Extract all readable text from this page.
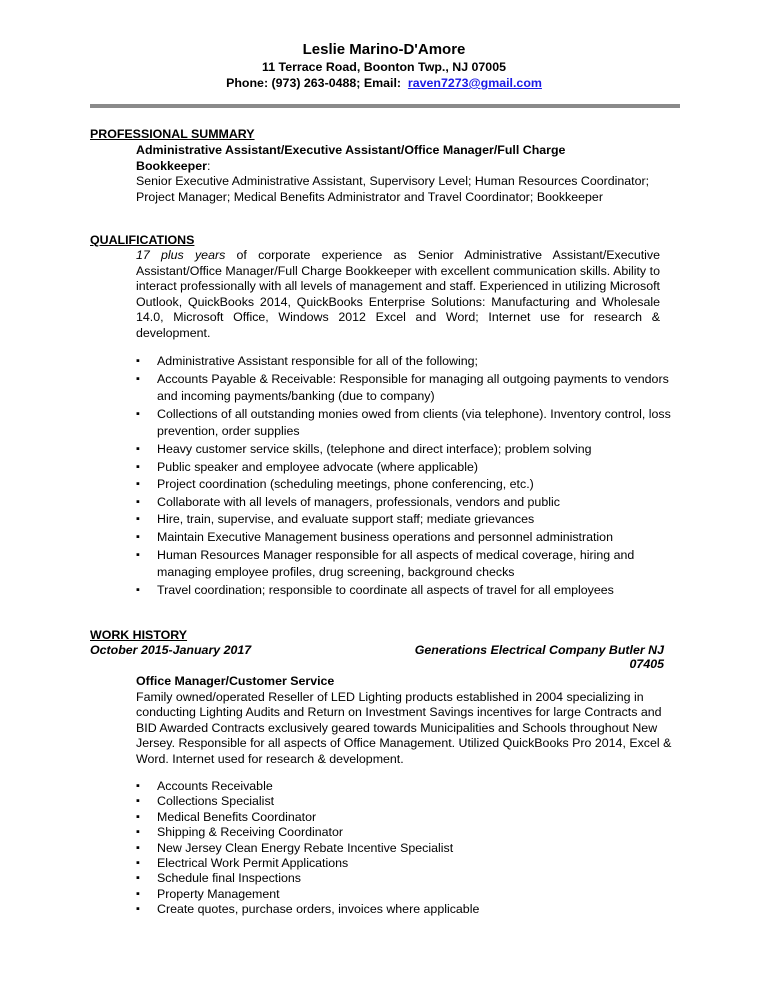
Leslie Marino-D'Amore
11 Terrace Road, Boonton Twp., NJ 07005
Phone: (973) 263-0488; Email: raven7273@gmail.com
PROFESSIONAL SUMMARY
Administrative Assistant/Executive Assistant/Office Manager/Full Charge
Bookkeeper:
Senior Executive Administrative Assistant, Supervisory Level; Human Resources Coordinator;
Project Manager; Medical Benefits Administrator and Travel Coordinator; Bookkeeper
QUALIFICATIONS
17 plus years of corporate experience as Senior Administrative Assistant/Executive Assistant/Office Manager/Full Charge Bookkeeper with excellent communication skills. Ability to interact professionally with all levels of management and staff. Experienced in utilizing Microsoft Outlook, QuickBooks 2014, QuickBooks Enterprise Solutions: Manufacturing and Wholesale 14.0, Microsoft Office, Windows 2012 Excel and Word; Internet use for research & development.
▪ Administrative Assistant responsible for all of the following;
▪ Accounts Payable & Receivable: Responsible for managing all outgoing payments to vendors and incoming payments/banking (due to company)
▪ Collections of all outstanding monies owed from clients (via telephone). Inventory control, loss prevention, order supplies
▪ Heavy customer service skills, (telephone and direct interface); problem solving
▪ Public speaker and employee advocate (where applicable)
▪ Project coordination (scheduling meetings, phone conferencing, etc.)
▪ Collaborate with all levels of managers, professionals, vendors and public
▪ Hire, train, supervise, and evaluate support staff; mediate grievances
▪ Maintain Executive Management business operations and personnel administration
▪ Human Resources Manager responsible for all aspects of medical coverage, hiring and managing employee profiles, drug screening, background checks
▪ Travel coordination; responsible to coordinate all aspects of travel for all employees
WORK HISTORY
October 2015-January 2017	Generations Electrical Company Butler NJ
07405
Office Manager/Customer Service
Family owned/operated Reseller of LED Lighting products established in 2004 specializing in conducting Lighting Audits and Return on Investment Savings incentives for large Contracts and BID Awarded Contracts exclusively geared towards Municipalities and Schools throughout New Jersey. Responsible for all aspects of Office Management. Utilized QuickBooks Pro 2014, Excel & Word. Internet used for research & development.
▪ Accounts Receivable
▪ Collections Specialist
▪ Medical Benefits Coordinator
▪ Shipping & Receiving Coordinator
▪ New Jersey Clean Energy Rebate Incentive Specialist
▪ Electrical Work Permit Applications
▪ Schedule final Inspections
▪ Property Management
▪ Create quotes, purchase orders, invoices where applicable
